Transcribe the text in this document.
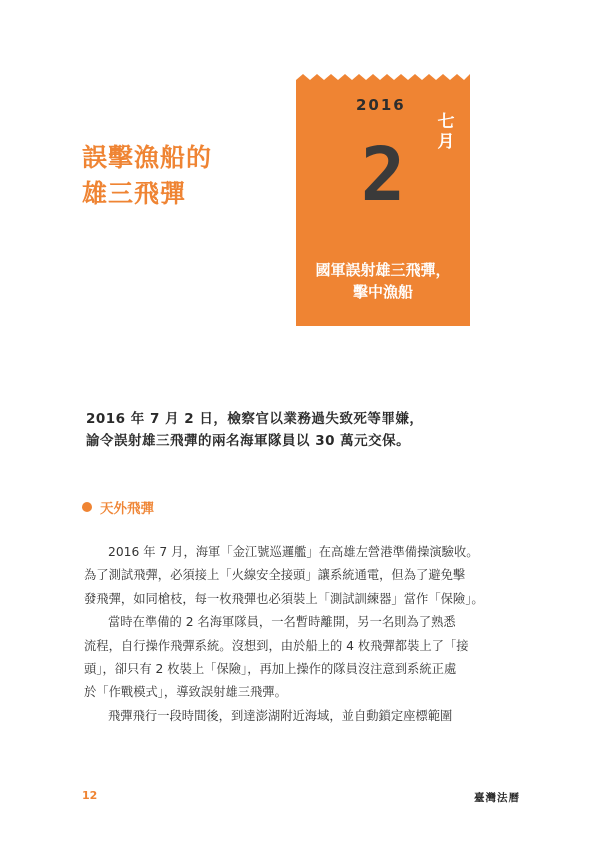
誤擊漁船的
雄三飛彈
2016
七月
2
國軍誤射雄三飛彈，
擊中漁船
2016 年 7 月 2 日，檢察官以業務過失致死等罪嫌，
諭令誤射雄三飛彈的兩名海軍隊員以 30 萬元交保。
天外飛彈
2016 年 7 月，海軍「金江號巡邏艦」在高雄左營港準備操演驗收。
為了測試飛彈，必須接上「火線安全接頭」讓系統通電，但為了避免擊
發飛彈，如同槍枝，每一枚飛彈也必須裝上「測試訓練器」當作「保險」。
當時在準備的 2 名海軍隊員，一名暫時離開，另一名則為了熟悉
流程，自行操作飛彈系統。沒想到，由於船上的 4 枚飛彈都裝上了「接
頭」，卻只有 2 枚裝上「保險」，再加上操作的隊員沒注意到系統正處
於「作戰模式」，導致誤射雄三飛彈。
飛彈飛行一段時間後，到達澎湖附近海域，並自動鎖定座標範圍
12	臺灣法曆
